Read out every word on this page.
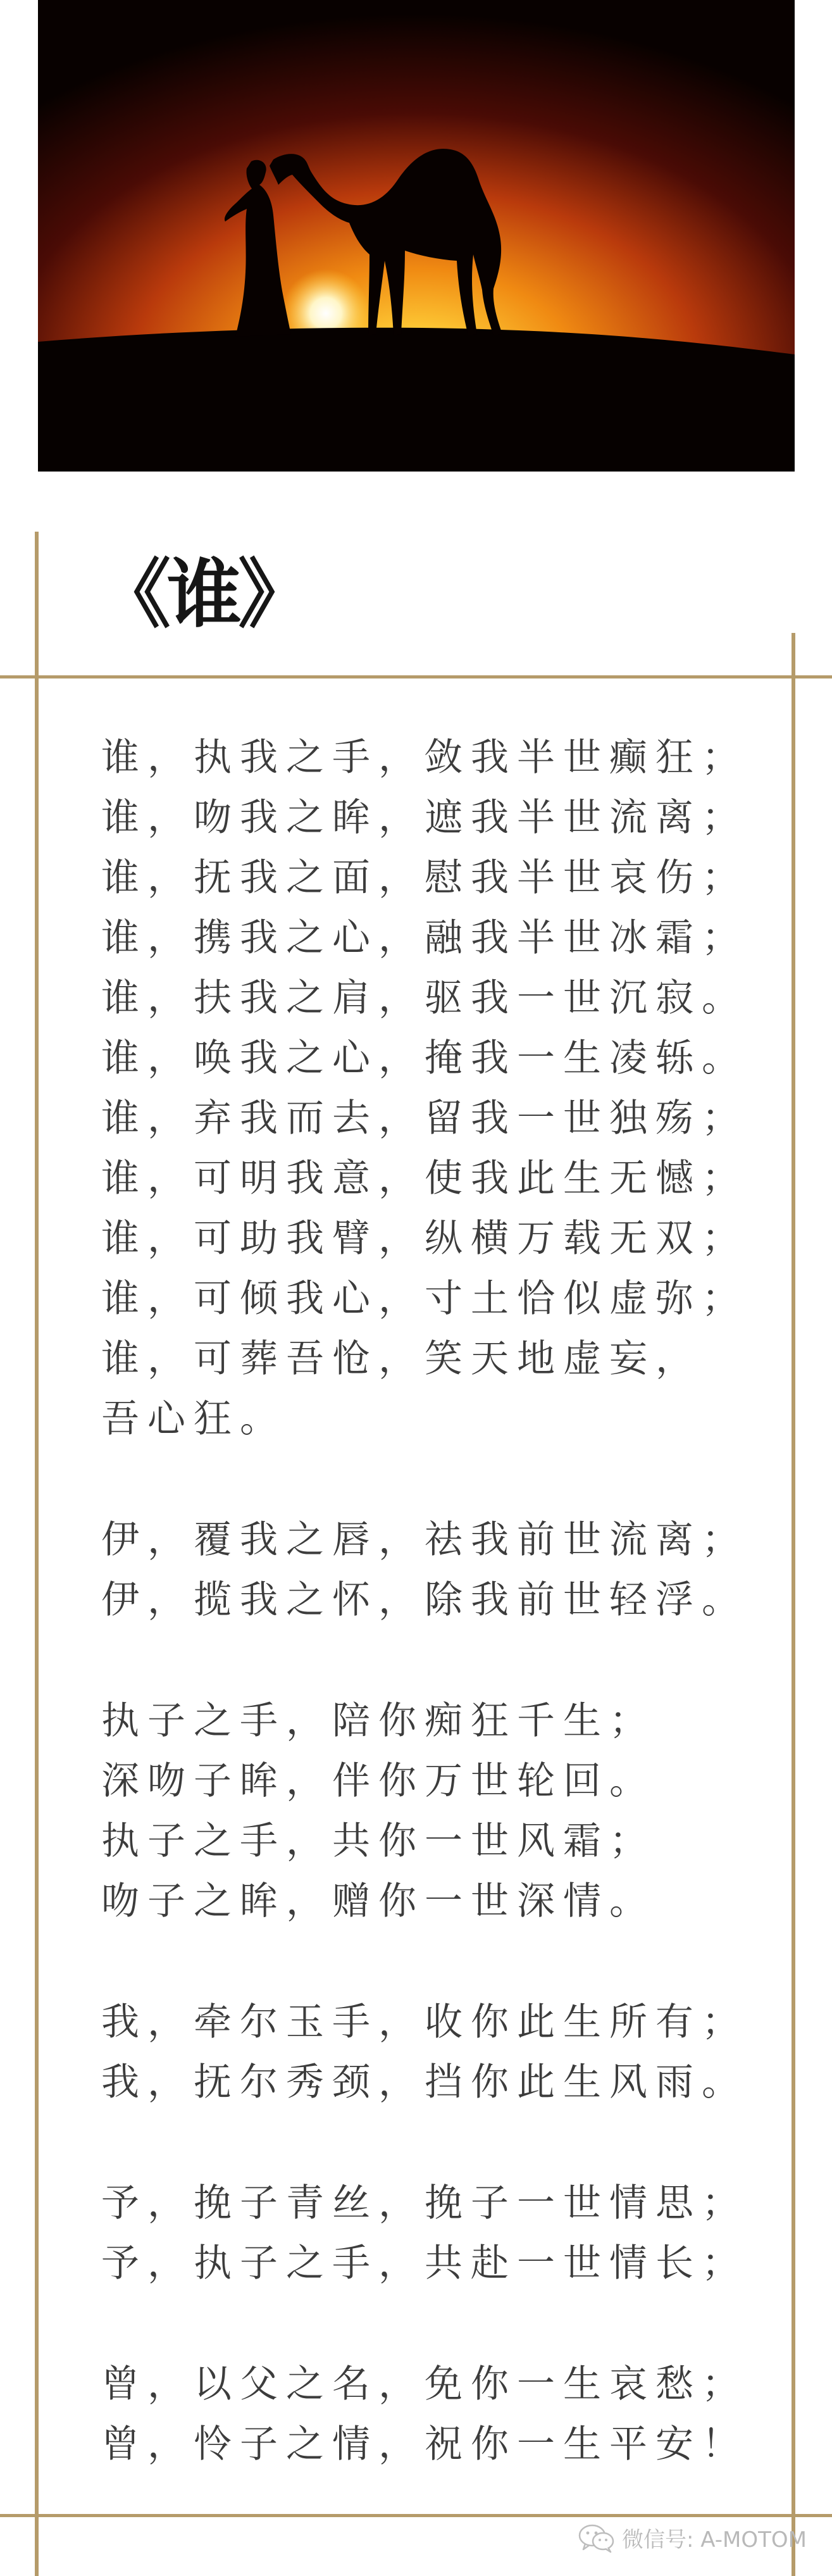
《谁》
谁，执我之手，敛我半世癫狂；
谁，吻我之眸，遮我半世流离；
谁，抚我之面，慰我半世哀伤；
谁，携我之心，融我半世冰霜；
谁，扶我之肩，驱我一世沉寂。
谁，唤我之心，掩我一生凌轹。
谁，弃我而去，留我一世独殇；
谁，可明我意，使我此生无憾；
谁，可助我臂，纵横万载无双；
谁，可倾我心，寸土恰似虚弥；
谁，可葬吾怆，笑天地虚妄，
吾心狂。
伊，覆我之唇，祛我前世流离；
伊，揽我之怀，除我前世轻浮。
执子之手，陪你痴狂千生；
深吻子眸，伴你万世轮回。
执子之手，共你一世风霜；
吻子之眸，赠你一世深情。
我，牵尔玉手，收你此生所有；
我，抚尔秀颈，挡你此生风雨。
予，挽子青丝，挽子一世情思；
予，执子之手，共赴一世情长；
曾，以父之名，免你一生哀愁；
曾，怜子之情，祝你一生平安！
微信号: A-MOTOM
